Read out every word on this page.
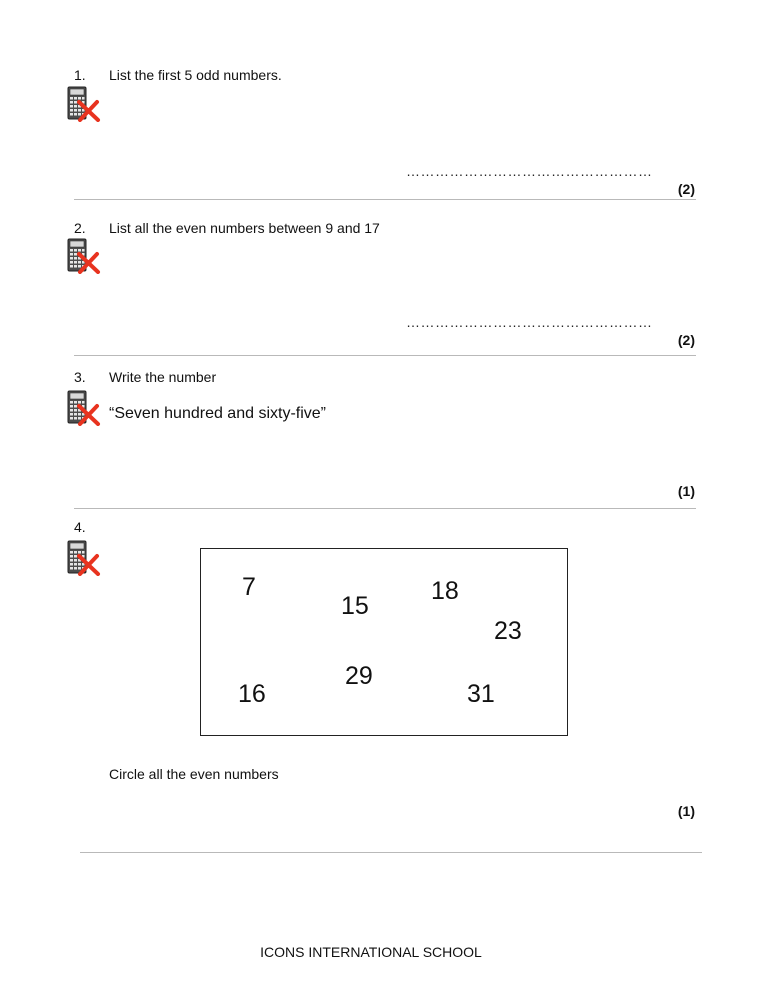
1. List the first 5 odd numbers.
……………………………………………
(2)
2. List all the even numbers between 9 and 17
……………………………………………
(2)
3. Write the number
“Seven hundred and sixty-five”
(1)
4.
7
15
18
23
29
16	31
Circle all the even numbers
(1)
ICONS INTERNATIONAL SCHOOL
